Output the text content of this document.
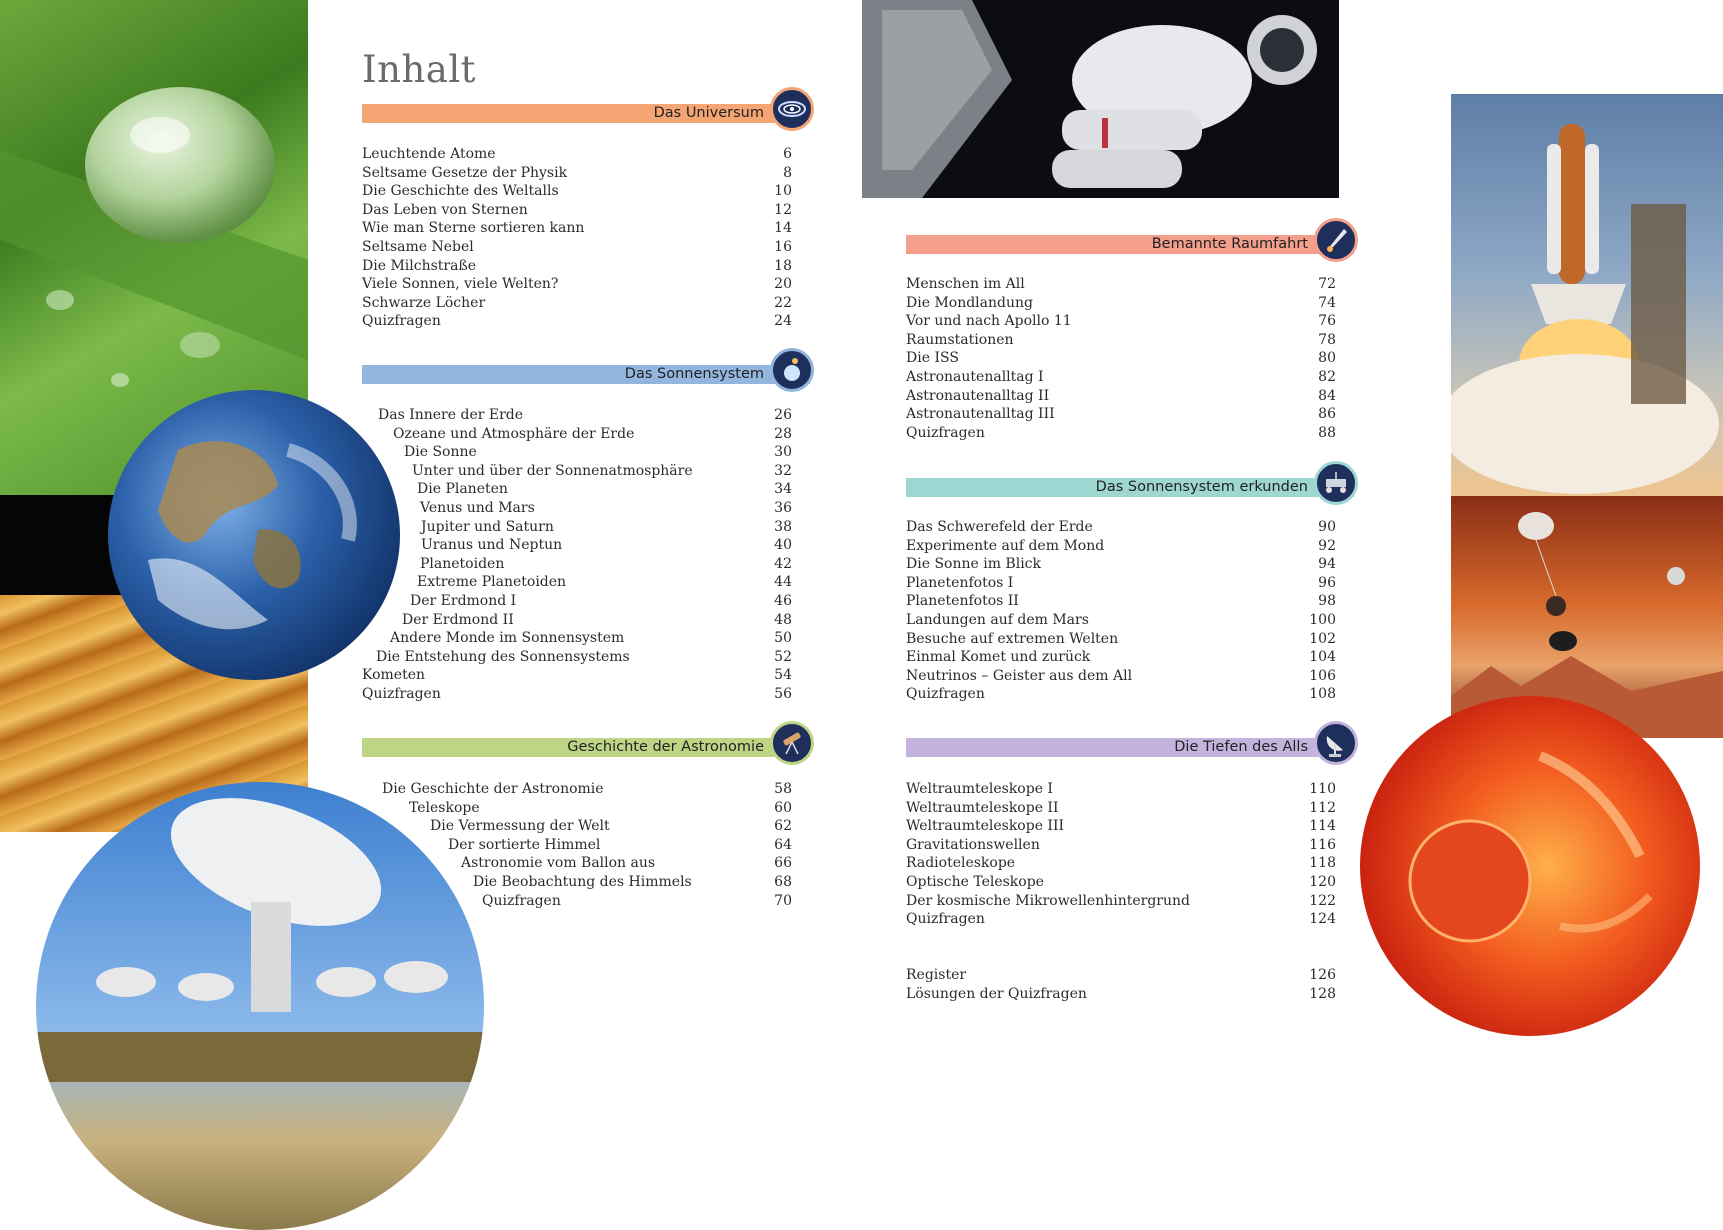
Inhalt
Das Universum
Leuchtende Atome	6
Seltsame Gesetze der Physik	8
Die Geschichte des Weltalls	10
Das Leben von Sternen	12
Wie man Sterne sortieren kann	14
Seltsame Nebel	16
Die Milchstraße	18
Viele Sonnen, viele Welten?	20
Schwarze Löcher	22
Quizfragen	24
Das Sonnensystem
Das Innere der Erde	26
Ozeane und Atmosphäre der Erde	28
Die Sonne	30
Unter und über der Sonnenatmosphäre	32
Die Planeten	34
Venus und Mars	36
Jupiter und Saturn	38
Uranus und Neptun	40
Planetoiden	42
Extreme Planetoiden	44
Der Erdmond I	46
Der Erdmond II	48
Andere Monde im Sonnensystem	50
Die Entstehung des Sonnensystems	52
Kometen	54
Quizfragen	56
Geschichte der Astronomie
Die Geschichte der Astronomie	58
Teleskope	60
Die Vermessung der Welt	62
Der sortierte Himmel	64
Astronomie vom Ballon aus	66
Die Beobachtung des Himmels	68
Quizfragen	70
Bemannte Raumfahrt
Menschen im All	72
Die Mondlandung	74
Vor und nach Apollo 11	76
Raumstationen	78
Die ISS	80
Astronautenalltag I	82
Astronautenalltag II	84
Astronautenalltag III	86
Quizfragen	88
Das Sonnensystem erkunden
Das Schwerefeld der Erde	90
Experimente auf dem Mond	92
Die Sonne im Blick	94
Planetenfotos I	96
Planetenfotos II	98
Landungen auf dem Mars	100
Besuche auf extremen Welten	102
Einmal Komet und zurück	104
Neutrinos – Geister aus dem All	106
Quizfragen	108
Die Tiefen des Alls
Weltraumteleskope I	110
Weltraumteleskope II	112
Weltraumteleskope III	114
Gravitationswellen	116
Radioteleskope	118
Optische Teleskope	120
Der kosmische Mikrowellenhintergrund	122
Quizfragen	124
Register	126
Lösungen der Quizfragen	128
